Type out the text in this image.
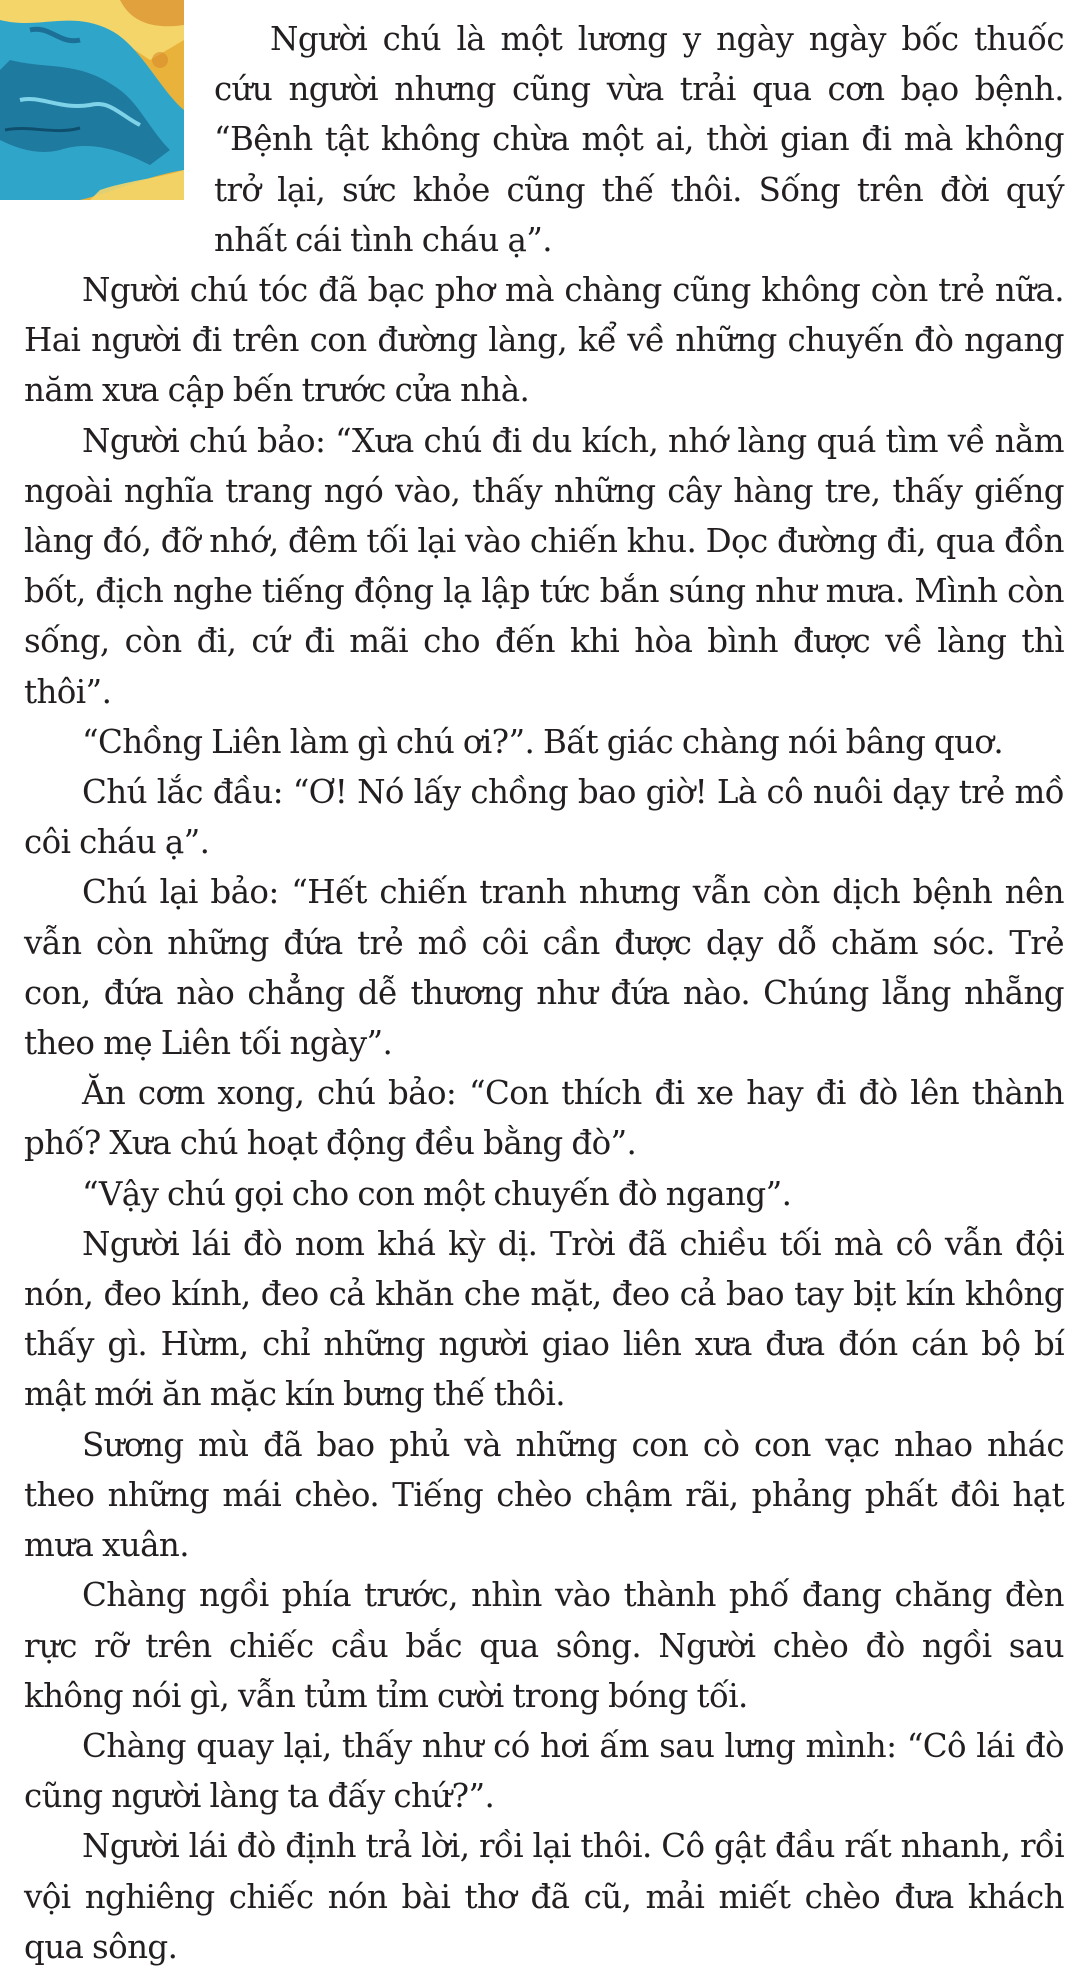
Người chú là một lương y ngày ngày bốc thuốc cứu người nhưng cũng vừa trải qua cơn bạo bệnh. “Bệnh tật không chừa một ai, thời gian đi mà không trở lại, sức khỏe cũng thế thôi. Sống trên đời quý nhất cái tình cháu ạ”.

Người chú tóc đã bạc phơ mà chàng cũng không còn trẻ nữa. Hai người đi trên con đường làng, kể về những chuyến đò ngang năm xưa cập bến trước cửa nhà.

Người chú bảo: “Xưa chú đi du kích, nhớ làng quá tìm về nằm ngoài nghĩa trang ngó vào, thấy những cây hàng tre, thấy giếng làng đó, đỡ nhớ, đêm tối lại vào chiến khu. Dọc đường đi, qua đồn bốt, địch nghe tiếng động lạ lập tức bắn súng như mưa. Mình còn sống, còn đi, cứ đi mãi cho đến khi hòa bình được về làng thì thôi”.

“Chồng Liên làm gì chú ơi?”. Bất giác chàng nói bâng quơ.

Chú lắc đầu: “Ơ! Nó lấy chồng bao giờ! Là cô nuôi dạy trẻ mồ côi cháu ạ”.

Chú lại bảo: “Hết chiến tranh nhưng vẫn còn dịch bệnh nên vẫn còn những đứa trẻ mồ côi cần được dạy dỗ chăm sóc. Trẻ con, đứa nào chẳng dễ thương như đứa nào. Chúng lẵng nhẵng theo mẹ Liên tối ngày”.

Ăn cơm xong, chú bảo: “Con thích đi xe hay đi đò lên thành phố? Xưa chú hoạt động đều bằng đò”.

“Vậy chú gọi cho con một chuyến đò ngang”.

Người lái đò nom khá kỳ dị. Trời đã chiều tối mà cô vẫn đội nón, đeo kính, đeo cả khăn che mặt, đeo cả bao tay bịt kín không thấy gì. Hừm, chỉ những người giao liên xưa đưa đón cán bộ bí mật mới ăn mặc kín bưng thế thôi.

Sương mù đã bao phủ và những con cò con vạc nhao nhác theo những mái chèo. Tiếng chèo chậm rãi, phảng phất đôi hạt mưa xuân.

Chàng ngồi phía trước, nhìn vào thành phố đang chăng đèn rực rỡ trên chiếc cầu bắc qua sông. Người chèo đò ngồi sau không nói gì, vẫn tủm tỉm cười trong bóng tối.

Chàng quay lại, thấy như có hơi ấm sau lưng mình: “Cô lái đò cũng người làng ta đấy chứ?”.

Người lái đò định trả lời, rồi lại thôi. Cô gật đầu rất nhanh, rồi vội nghiêng chiếc nón bài thơ đã cũ, mải miết chèo đưa khách qua sông.
